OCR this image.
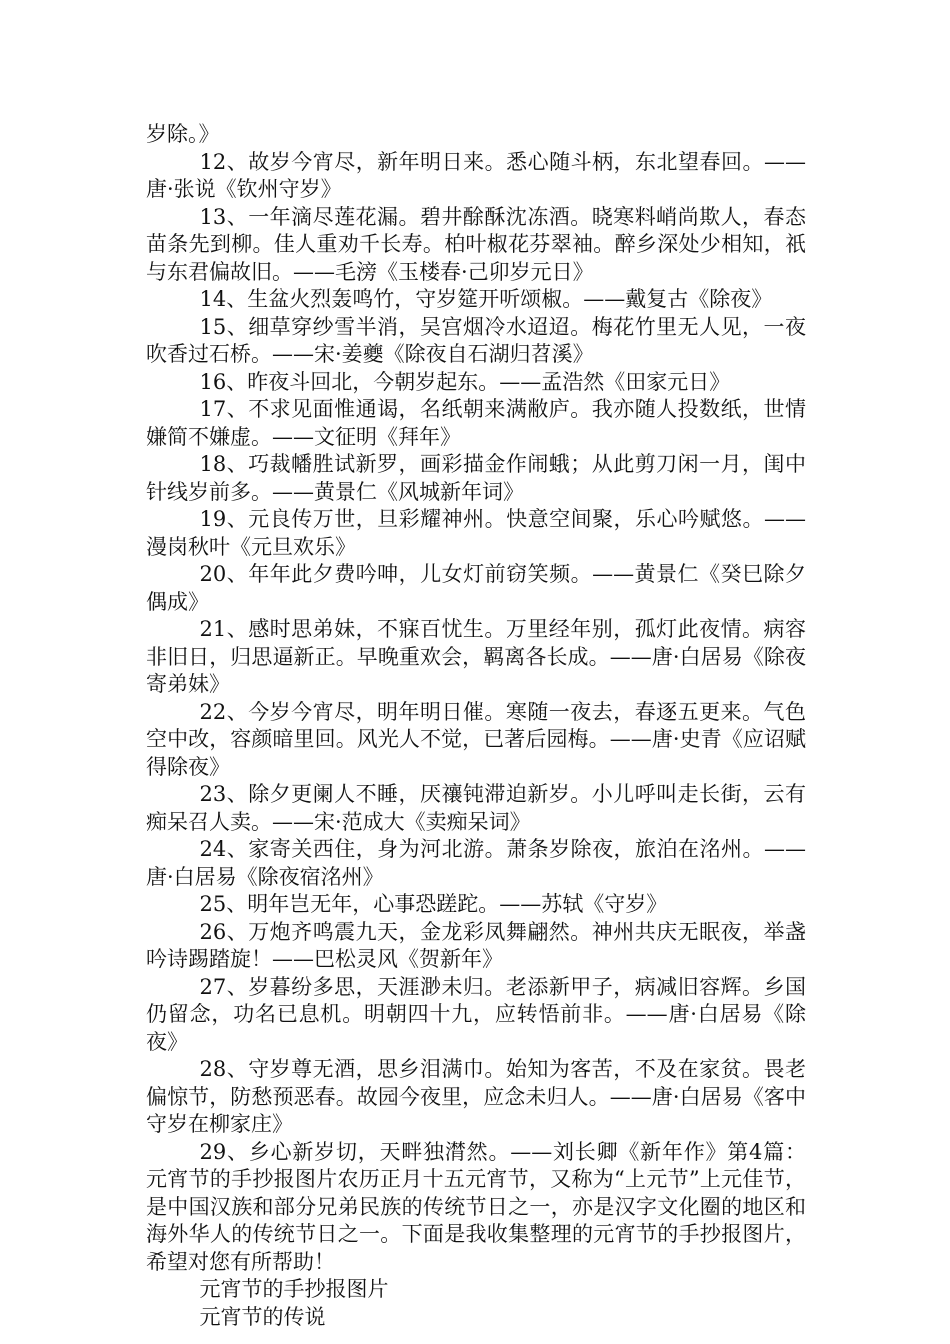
岁除。》

12、故岁今宵尽，新年明日来。悉心随斗柄，东北望春回。——唐·张说《钦州守岁》

13、一年滴尽莲花漏。碧井酴酥沈冻酒。晓寒料峭尚欺人，春态苗条先到柳。佳人重劝千长寿。柏叶椒花芬翠袖。醉乡深处少相知，祇与东君偏故旧。——毛滂《玉楼春·己卯岁元日》

14、生盆火烈轰鸣竹，守岁筵开听颂椒。——戴复古《除夜》

15、细草穿纱雪半消，吴宫烟冷水迢迢。梅花竹里无人见，一夜吹香过石桥。——宋·姜夔《除夜自石湖归苕溪》

16、昨夜斗回北，今朝岁起东。——孟浩然《田家元日》

17、不求见面惟通谒，名纸朝来满敝庐。我亦随人投数纸，世情嫌简不嫌虚。——文征明《拜年》

18、巧裁幡胜试新罗，画彩描金作闹蛾；从此剪刀闲一月，闺中针线岁前多。——黄景仁《风城新年词》

19、元良传万世，旦彩耀神州。快意空间聚，乐心吟赋悠。——漫岗秋叶《元旦欢乐》

20、年年此夕费吟呻，儿女灯前窃笑频。——黄景仁《癸巳除夕偶成》

21、感时思弟妹，不寐百忧生。万里经年别，孤灯此夜情。病容非旧日，归思逼新正。早晚重欢会，羁离各长成。——唐·白居易《除夜寄弟妹》

22、今岁今宵尽，明年明日催。寒随一夜去，春逐五更来。气色空中改，容颜暗里回。风光人不觉，已著后园梅。——唐·史青《应诏赋得除夜》

23、除夕更阑人不睡，厌禳钝滞迫新岁。小儿呼叫走长街，云有痴呆召人卖。——宋·范成大《卖痴呆词》

24、家寄关西住，身为河北游。萧条岁除夜，旅泊在洺州。——唐·白居易《除夜宿洺州》

25、明年岂无年，心事恐蹉跎。——苏轼《守岁》

26、万炮齐鸣震九天，金龙彩凤舞翩然。神州共庆无眠夜，举盏吟诗踢踏旋！——巴松灵风《贺新年》

27、岁暮纷多思，天涯渺未归。老添新甲子，病减旧容辉。乡国仍留念，功名已息机。明朝四十九，应转悟前非。——唐·白居易《除夜》

28、守岁尊无酒，思乡泪满巾。始知为客苦，不及在家贫。畏老偏惊节，防愁预恶春。故园今夜里，应念未归人。——唐·白居易《客中守岁在柳家庄》

29、乡心新岁切，天畔独潸然。——刘长卿《新年作》第4篇：元宵节的手抄报图片农历正月十五元宵节，又称为“上元节”上元佳节，是中国汉族和部分兄弟民族的传统节日之一，亦是汉字文化圈的地区和海外华人的传统节日之一。下面是我收集整理的元宵节的手抄报图片，希望对您有所帮助！

元宵节的手抄报图片

元宵节的传说
